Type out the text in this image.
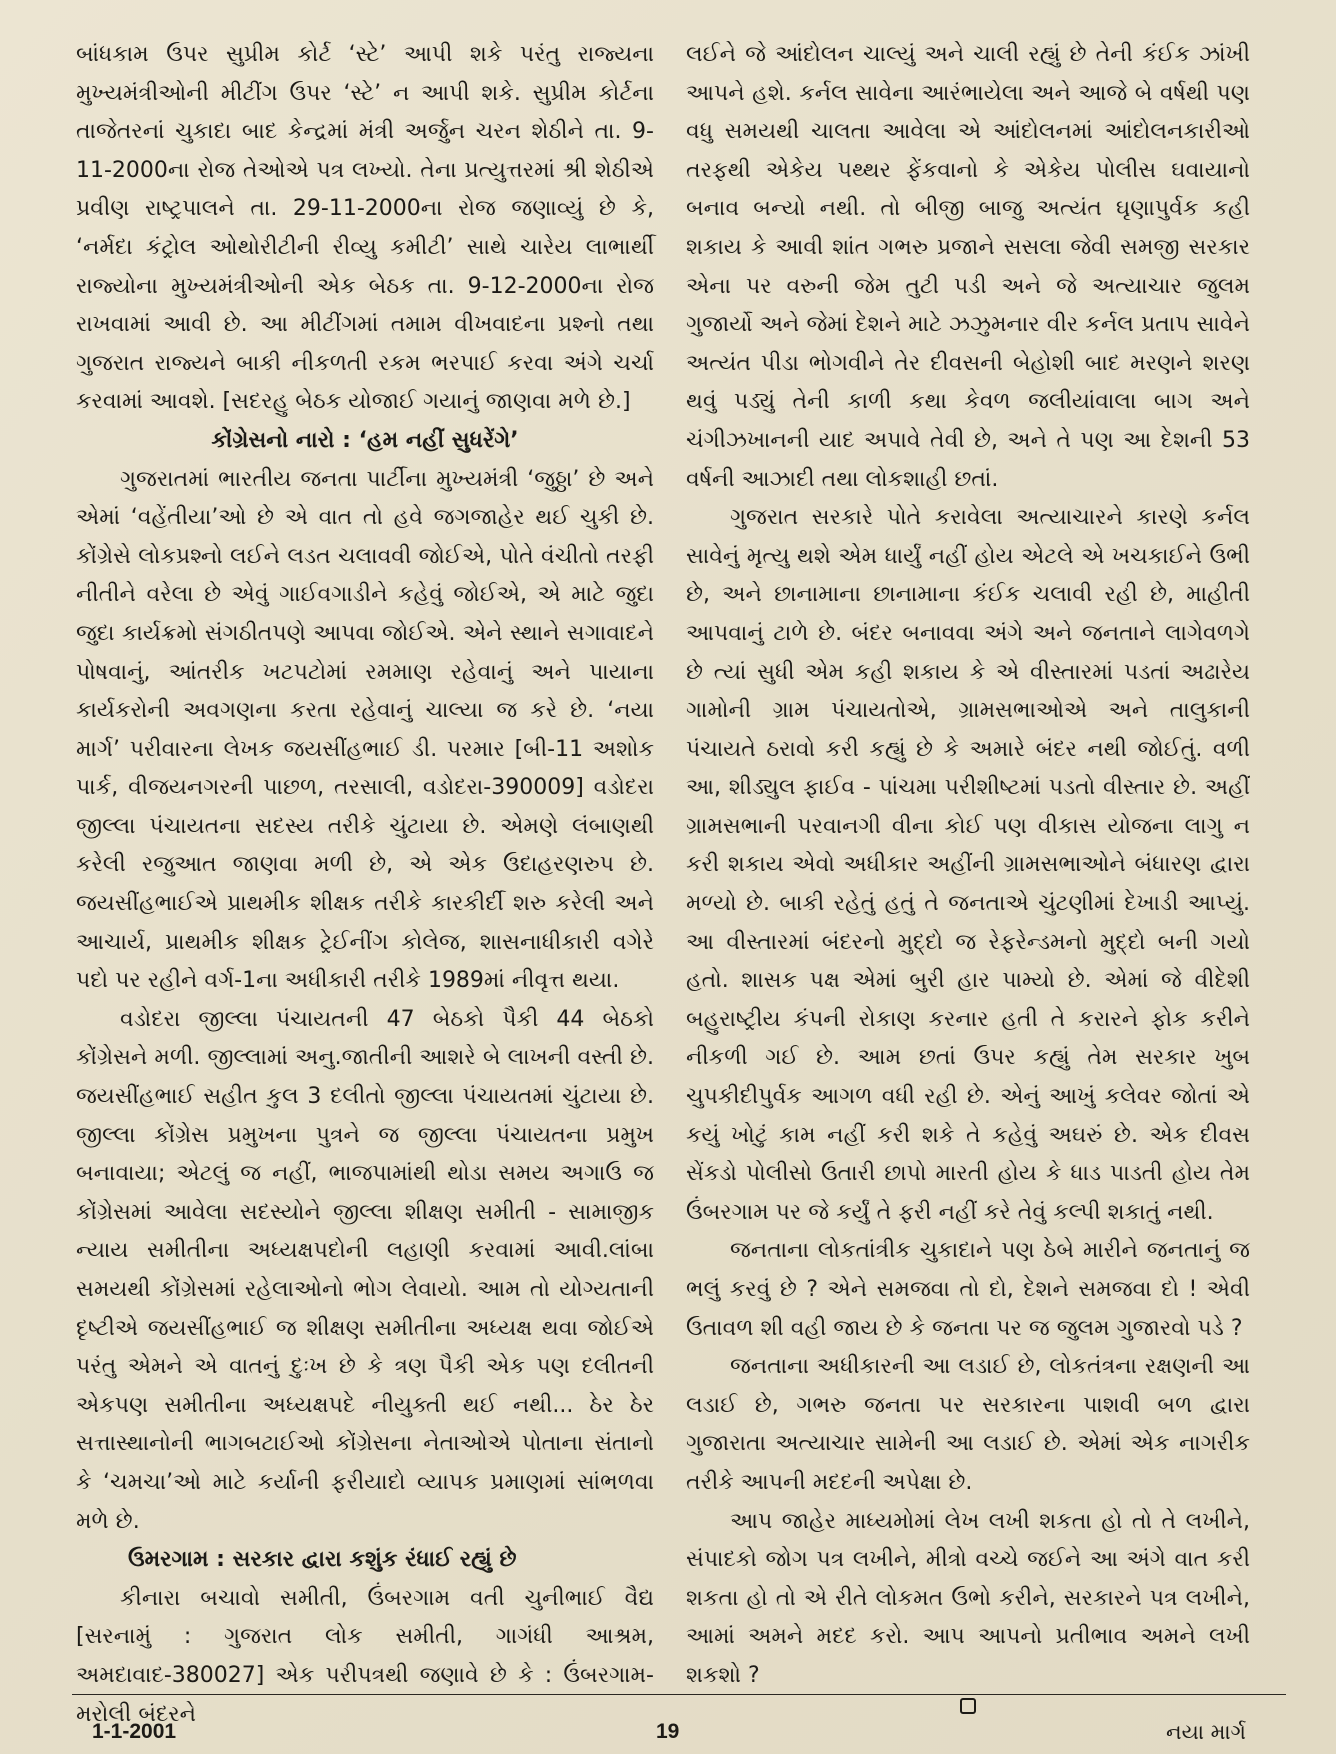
બાંધકામ ઉપર સુપ્રીમ કોર્ટ ‘સ્ટે’ આપી શકે પરંતુ રાજ્યના મુખ્યમંત્રીઓની મીટીંગ ઉપર ‘સ્ટે’ ન આપી શકે. સુપ્રીમ કોર્ટના તાજેતરનાં ચુકાદા બાદ કેન્દ્રમાં મંત્રી અર્જુન ચરન શેઠીને તા. 9-11-2000ના રોજ તેઓએ પત્ર લખ્યો. તેના પ્રત્યુત્તરમાં શ્રી શેઠીએ પ્રવીણ રાષ્ટ્રપાલને તા. 29-11-2000ના રોજ જણાવ્યું છે કે, ‘નર્મદા કંટ્રોલ ઓથોરીટીની રીવ્યુ કમીટી’ સાથે ચારેય લાભાર્થી રાજ્યોના મુખ્યમંત્રીઓની એક બેઠક તા. 9-12-2000ના રોજ રાખવામાં આવી છે. આ મીટીંગમાં તમામ વીખવાદના પ્રશ્નો તથા ગુજરાત રાજ્યને બાકી નીકળતી રકમ ભરપાઈ કરવા અંગે ચર્ચા કરવામાં આવશે. [સદરહુ બેઠક યોજાઈ ગયાનું જાણવા મળે છે.]

કોંગ્રેસનો નારો : ‘હમ નહીં સુધરેંગે’

ગુજરાતમાં ભારતીય જનતા પાર્ટીના મુખ્યમંત્રી ‘જુઠ્ઠા’ છે અને એમાં ‘વહેંતીયા’ઓ છે એ વાત તો હવે જગજાહેર થઈ ચુકી છે. કોંગ્રેસે લોકપ્રશ્નો લઈને લડત ચલાવવી જોઈએ, પોતે વંચીતો તરફી નીતીને વરેલા છે એવું ગાઈવગાડીને કહેવું જોઈએ, એ માટે જુદા જુદા કાર્યક્રમો સંગઠીતપણે આપવા જોઈએ. એને સ્થાને સગાવાદને પોષવાનું, આંતરીક ખટપટોમાં રમમાણ રહેવાનું અને પાયાના કાર્યકરોની અવગણના કરતા રહેવાનું ચાલ્યા જ કરે છે. ‘નયા માર્ગ’ પરીવારના લેખક જયસીંહભાઈ ડી. પરમાર [બી-11 અશોક પાર્ક, વીજયનગરની પાછળ, તરસાલી, વડોદરા-390009] વડોદરા જીલ્લા પંચાયતના સદસ્ય તરીકે ચુંટાયા છે. એમણે લંબાણથી કરેલી રજુઆત જાણવા મળી છે, એ એક ઉદાહરણરુપ છે. જયસીંહભાઈએ પ્રાથમીક શીક્ષક તરીકે કારકીર્દી શરુ કરેલી અને આચાર્ય, પ્રાથમીક શીક્ષક ટ્રેઈનીંગ કોલેજ, શાસનાધીકારી વગેરે પદો પર રહીને વર્ગ-1ના અધીકારી તરીકે 1989માં નીવૃત્ત થયા.

વડોદરા જીલ્લા પંચાયતની 47 બેઠકો પૈકી 44 બેઠકો કોંગ્રેસને મળી. જીલ્લામાં અનુ.જાતીની આશરે બે લાખની વસ્તી છે. જયસીંહભાઈ સહીત કુલ 3 દલીતો જીલ્લા પંચાયતમાં ચુંટાયા છે. જીલ્લા કોંગ્રેસ પ્રમુખના પુત્રને જ જીલ્લા પંચાયતના પ્રમુખ બનાવાયા; એટલું જ નહીં, ભાજપામાંથી થોડા સમય અગાઉ જ કોંગ્રેસમાં આવેલા સદસ્યોને જીલ્લા શીક્ષણ સમીતી - સામાજીક ન્યાય સમીતીના અધ્યક્ષપદોની લહાણી કરવામાં આવી.લાંબા સમયથી કોંગ્રેસમાં રહેલાઓનો ભોગ લેવાયો. આમ તો યોગ્યતાની દૃષ્ટીએ જયસીંહભાઈ જ શીક્ષણ સમીતીના અધ્યક્ષ થવા જોઈએ પરંતુ એમને એ વાતનું દુઃખ છે કે ત્રણ પૈકી એક પણ દલીતની એકપણ સમીતીના અધ્યક્ષપદે નીયુક્તી થઈ નથી... ઠેર ઠેર સત્તાસ્થાનોની ભાગબટાઈઓ કોંગ્રેસના નેતાઓએ પોતાના સંતાનો કે ‘ચમચા’ઓ માટે કર્યાની ફરીયાદો વ્યાપક પ્રમાણમાં સાંભળવા મળે છે.

ઉમરગામ : સરકાર દ્વારા કશુંક રંધાઈ રહ્યું છે

કીનારા બચાવો સમીતી, ઉંબરગામ વતી ચુનીભાઈ વૈદ્ય [સરનામું : ગુજરાત લોક સમીતી, ગાગંધી આશ્રમ, અમદાવાદ-380027] એક પરીપત્રથી જણાવે છે કે : ઉંબરગામ-મરોલી બંદરને

લઈને જે આંદોલન ચાલ્યું અને ચાલી રહ્યું છે તેની કંઈક ઝાંખી આપને હશે. કર્નલ સાવેના આરંભાયેલા અને આજે બે વર્ષથી પણ વધુ સમયથી ચાલતા આવેલા એ આંદોલનમાં આંદોલનકારીઓ તરફથી એકેય પથ્થર ફેંકવાનો કે એકેય પોલીસ ઘવાયાનો બનાવ બન્યો નથી. તો બીજી બાજુ અત્યંત ઘૃણાપુર્વક કહી શકાય કે આવી શાંત ગભરુ પ્રજાને સસલા જેવી સમજી સરકાર એના પર વરુની જેમ તુટી પડી અને જે અત્યાચાર જુલમ ગુજાર્યો અને જેમાં દેશને માટે ઝઝુમનાર વીર કર્નલ પ્રતાપ સાવેને અત્યંત પીડા ભોગવીને તેર દીવસની બેહોશી બાદ મરણને શરણ થવું પડ્યું તેની કાળી કથા કેવળ જલીયાંવાલા બાગ અને ચંગીઝખાનની યાદ અપાવે તેવી છે, અને તે પણ આ દેશની 53 વર્ષની આઝાદી તથા લોકશાહી છતાં.

ગુજરાત સરકારે પોતે કરાવેલા અત્યાચારને કારણે કર્નલ સાવેનું મૃત્યુ થશે એમ ધાર્યું નહીં હોય એટલે એ ખચકાઈને ઉભી છે, અને છાનામાના છાનામાના કંઈક ચલાવી રહી છે, માહીતી આપવાનું ટાળે છે. બંદર બનાવવા અંગે અને જનતાને લાગેવળગે છે ત્યાં સુધી એમ કહી શકાય કે એ વીસ્તારમાં પડતાં અઢારેય ગામોની ગ્રામ પંચાયતોએ, ગ્રામસભાઓએ અને તાલુકાની પંચાયતે ઠરાવો કરી કહ્યું છે કે અમારે બંદર નથી જોઈતું. વળી આ, શીડ્યુલ ફાઈવ - પાંચમા પરીશીષ્ટમાં પડતો વીસ્તાર છે. અહીં ગ્રામસભાની પરવાનગી વીના કોઈ પણ વીકાસ યોજના લાગુ ન કરી શકાય એવો અધીકાર અહીંની ગ્રામસભાઓને બંધારણ દ્વારા મળ્યો છે. બાકી રહેતું હતું તે જનતાએ ચુંટણીમાં દેખાડી આપ્યું. આ વીસ્તારમાં બંદરનો મુદ્દો જ રેફરેન્ડમનો મુદ્દો બની ગયો હતો. શાસક પક્ષ એમાં બુરી હાર પામ્યો છે. એમાં જે વીદેશી બહુરાષ્ટ્રીય કંપની રોકાણ કરનાર હતી તે કરારને ફોક કરીને નીકળી ગઈ છે. આમ છતાં ઉપર કહ્યું તેમ સરકાર ખુબ ચુપકીદીપુર્વક આગળ વધી રહી છે. એનું આખું કલેવર જોતાં એ કયું ખોટું કામ નહીં કરી શકે તે કહેવું અઘરું છે. એક દીવસ સેંકડો પોલીસો ઉતારી છાપો મારતી હોય કે ધાડ પાડતી હોય તેમ ઉંબરગામ પર જે કર્યું તે ફરી નહીં કરે તેવું કલ્પી શકાતું નથી.

જનતાના લોકતાંત્રીક ચુકાદાને પણ ઠેબે મારીને જનતાનું જ ભલું કરવું છે ? એને સમજવા તો દો, દેશને સમજવા દો ! એવી ઉતાવળ શી વહી જાય છે કે જનતા પર જ જુલમ ગુજારવો પડે ?

જનતાના અધીકારની આ લડાઈ છે, લોકતંત્રના રક્ષણની આ લડાઈ છે, ગભરુ જનતા પર સરકારના પાશવી બળ દ્વારા ગુજારાતા અત્યાચાર સામેની આ લડાઈ છે. એમાં એક નાગરીક તરીકે આપની મદદની અપેક્ષા છે.

આપ જાહેર માધ્યમોમાં લેખ લખી શકતા હો તો તે લખીને, સંપાદકો જોગ પત્ર લખીને, મીત્રો વચ્ચે જઈને આ અંગે વાત કરી શકતા હો તો એ રીતે લોકમત ઉભો કરીને, સરકારને પત્ર લખીને, આમાં અમને મદદ કરો. આપ આપનો પ્રતીભાવ અમને લખી શકશો ?

1-1-2001	19	નયા માર્ગ
